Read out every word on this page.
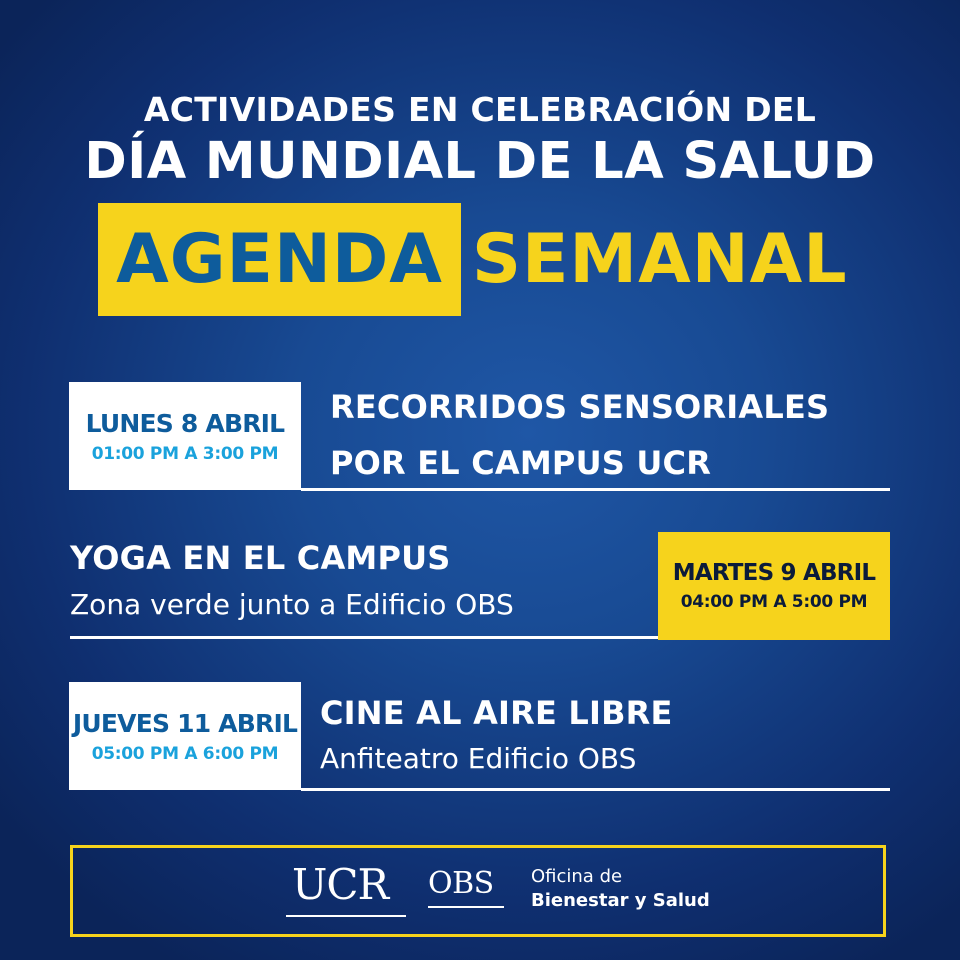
ACTIVIDADES EN CELEBRACIÓN DEL
DÍA MUNDIAL DE LA SALUD
AGENDA SEMANAL
LUNES 8 ABRIL
01:00 PM A 3:00 PM
RECORRIDOS SENSORIALES
POR EL CAMPUS UCR
YOGA EN EL CAMPUS
Zona verde junto a Edificio OBS
MARTES 9 ABRIL
04:00 PM A 5:00 PM
JUEVES 11 ABRIL
05:00 PM A 6:00 PM
CINE AL AIRE LIBRE
Anfiteatro Edificio OBS
UCR OBS Oficina de
Bienestar y Salud
